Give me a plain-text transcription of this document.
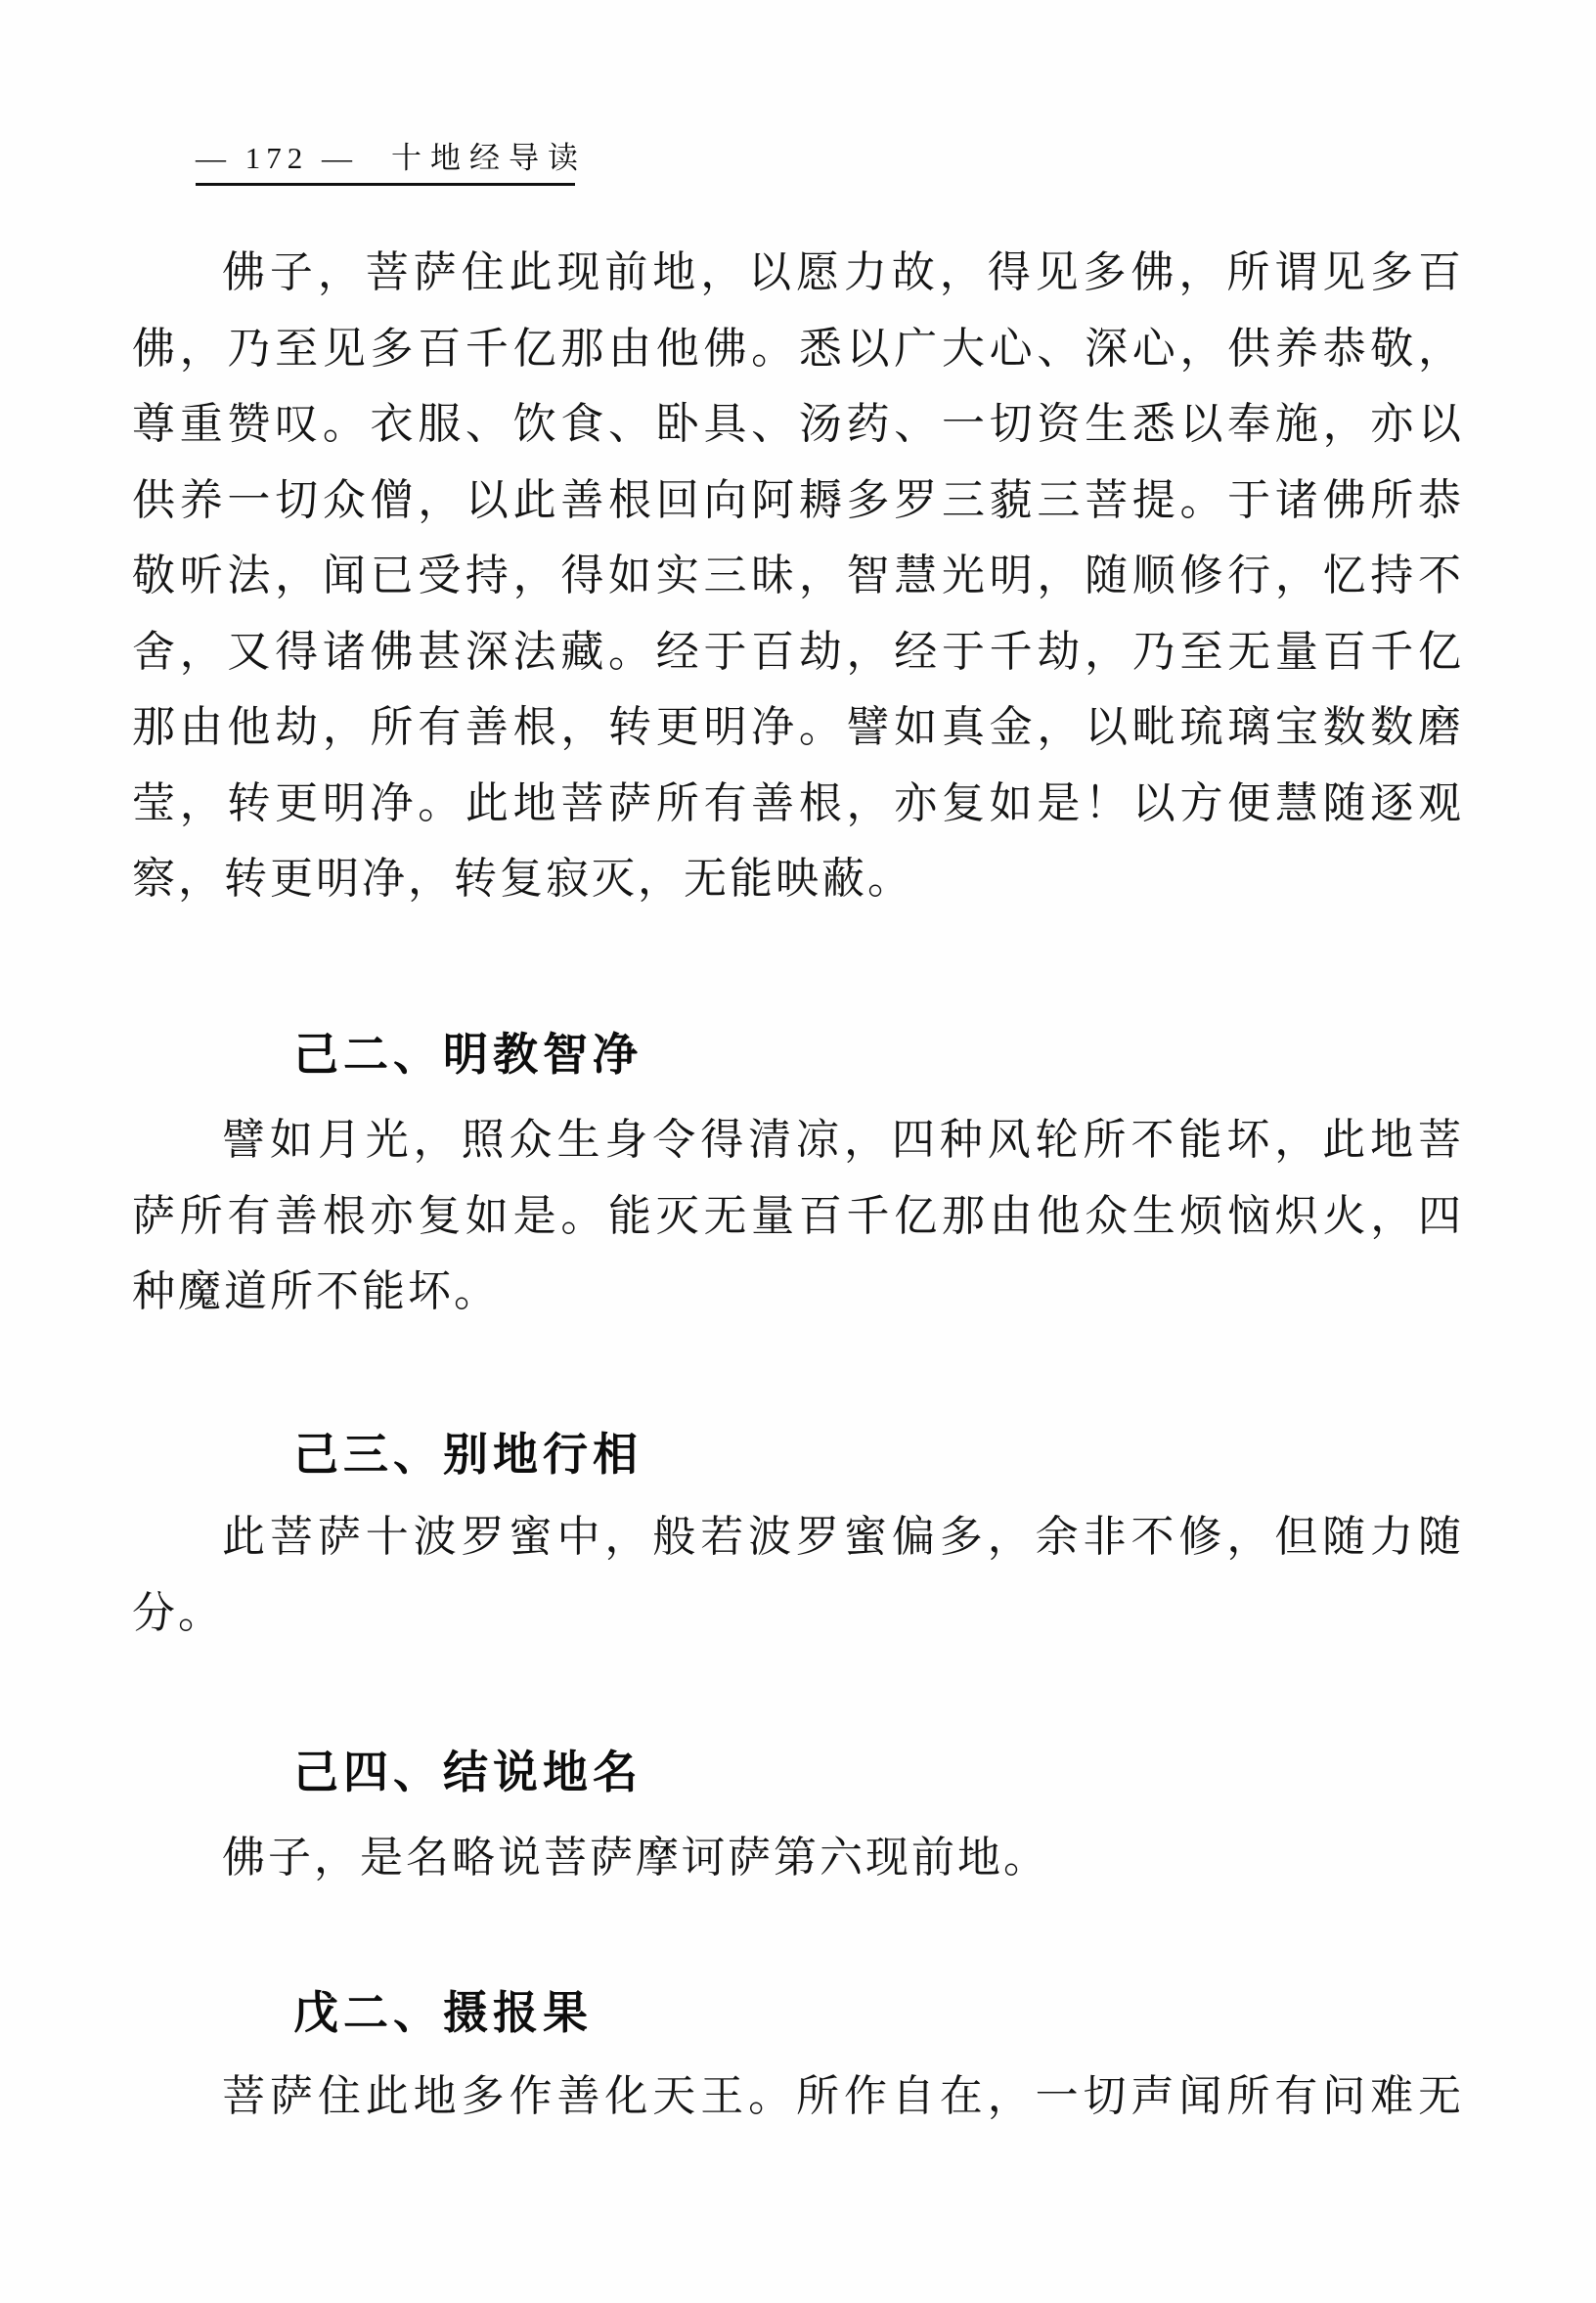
— 172 — 十地经导读
佛子，菩萨住此现前地，以愿力故，得见多佛，所谓见多百
佛，乃至见多百千亿那由他佛。悉以广大心、深心，供养恭敬，
尊重赞叹。衣服、饮食、卧具、汤药、一切资生悉以奉施，亦以
供养一切众僧，以此善根回向阿耨多罗三藐三菩提。于诸佛所恭
敬听法，闻已受持，得如实三昧，智慧光明，随顺修行，忆持不
舍，又得诸佛甚深法藏。经于百劫，经于千劫，乃至无量百千亿
那由他劫，所有善根，转更明净。譬如真金，以毗琉璃宝数数磨
莹，转更明净。此地菩萨所有善根，亦复如是！以方便慧随逐观
察，转更明净，转复寂灭，无能映蔽。
己二、明教智净
譬如月光，照众生身令得清凉，四种风轮所不能坏，此地菩
萨所有善根亦复如是。能灭无量百千亿那由他众生烦恼炽火，四
种魔道所不能坏。
己三、别地行相
此菩萨十波罗蜜中，般若波罗蜜偏多，余非不修，但随力随
分。
己四、结说地名
佛子，是名略说菩萨摩诃萨第六现前地。
戊二、摄报果
菩萨住此地多作善化天王。所作自在，一切声闻所有问难无
